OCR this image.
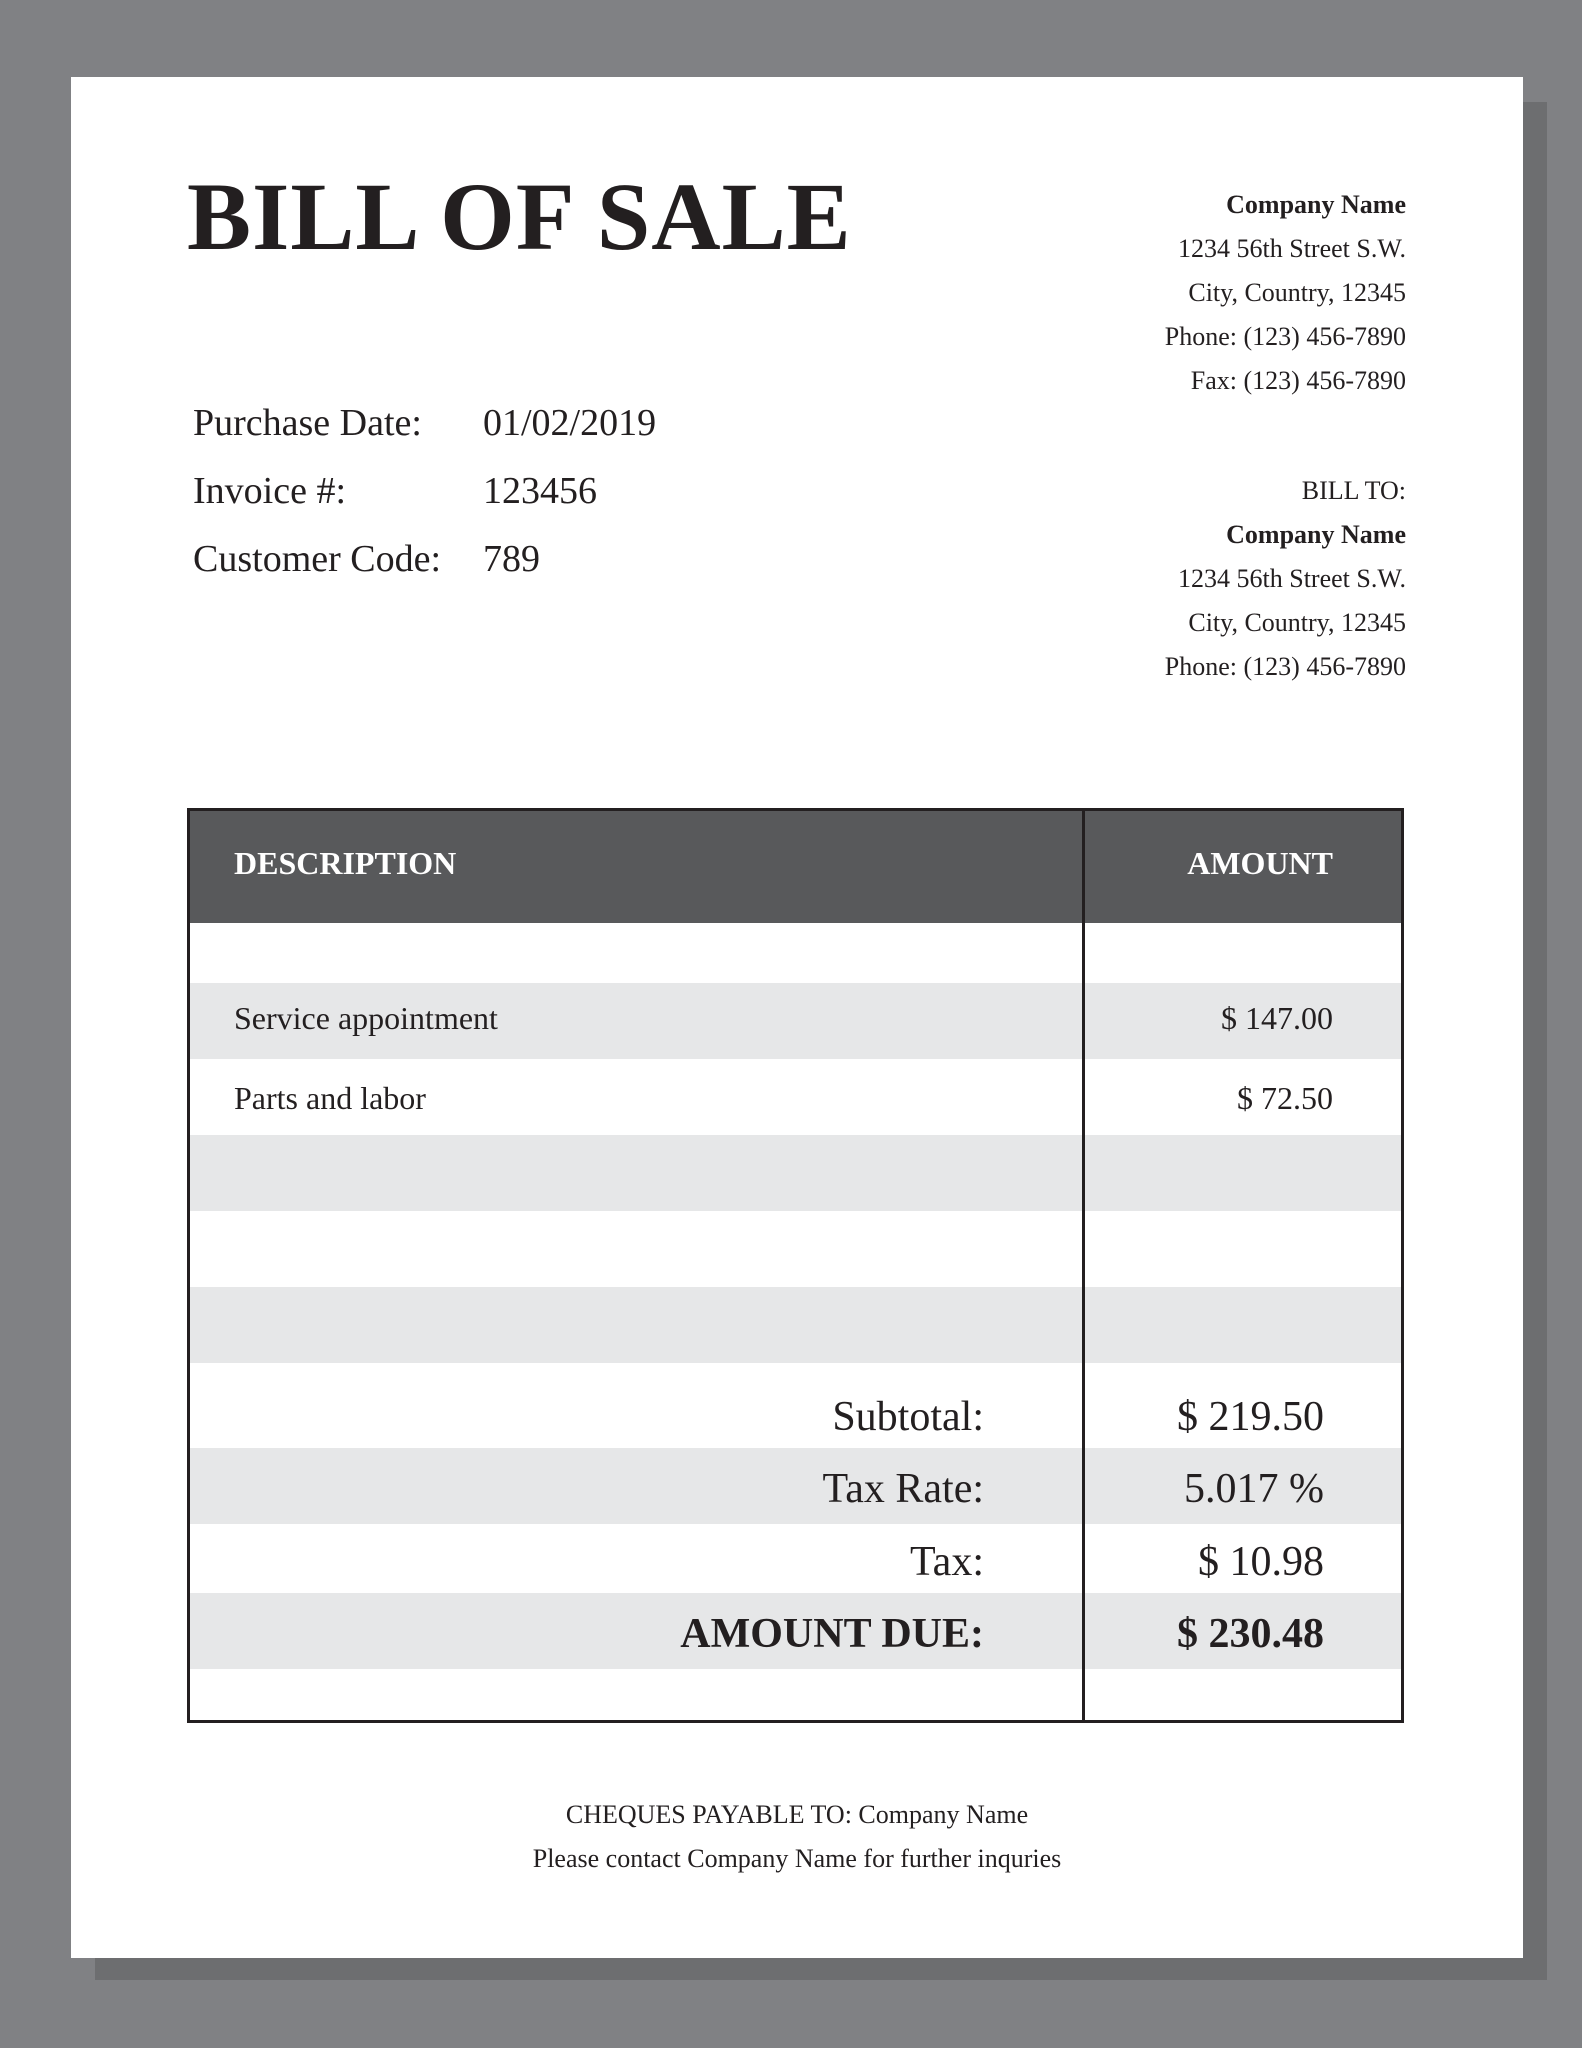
BILL OF SALE	Company Name
1234 56th Street S.W.
City, Country, 12345
Phone: (123) 456-7890
Fax: (123) 456-7890
BILL TO:
Company Name
1234 56th Street S.W.
City, Country, 12345
Phone: (123) 456-7890
Purchase Date:	01/02/2019
Invoice #:	123456
Customer Code:	789
DESCRIPTION	AMOUNT
Service appointment	$ 147.00
Parts and labor	$ 72.50
Subtotal:	$ 219.50
Tax Rate:	5.017 %
Tax:	$ 10.98
AMOUNT DUE:	$ 230.48
CHEQUES PAYABLE TO: Company Name
Please contact Company Name for further inquries
